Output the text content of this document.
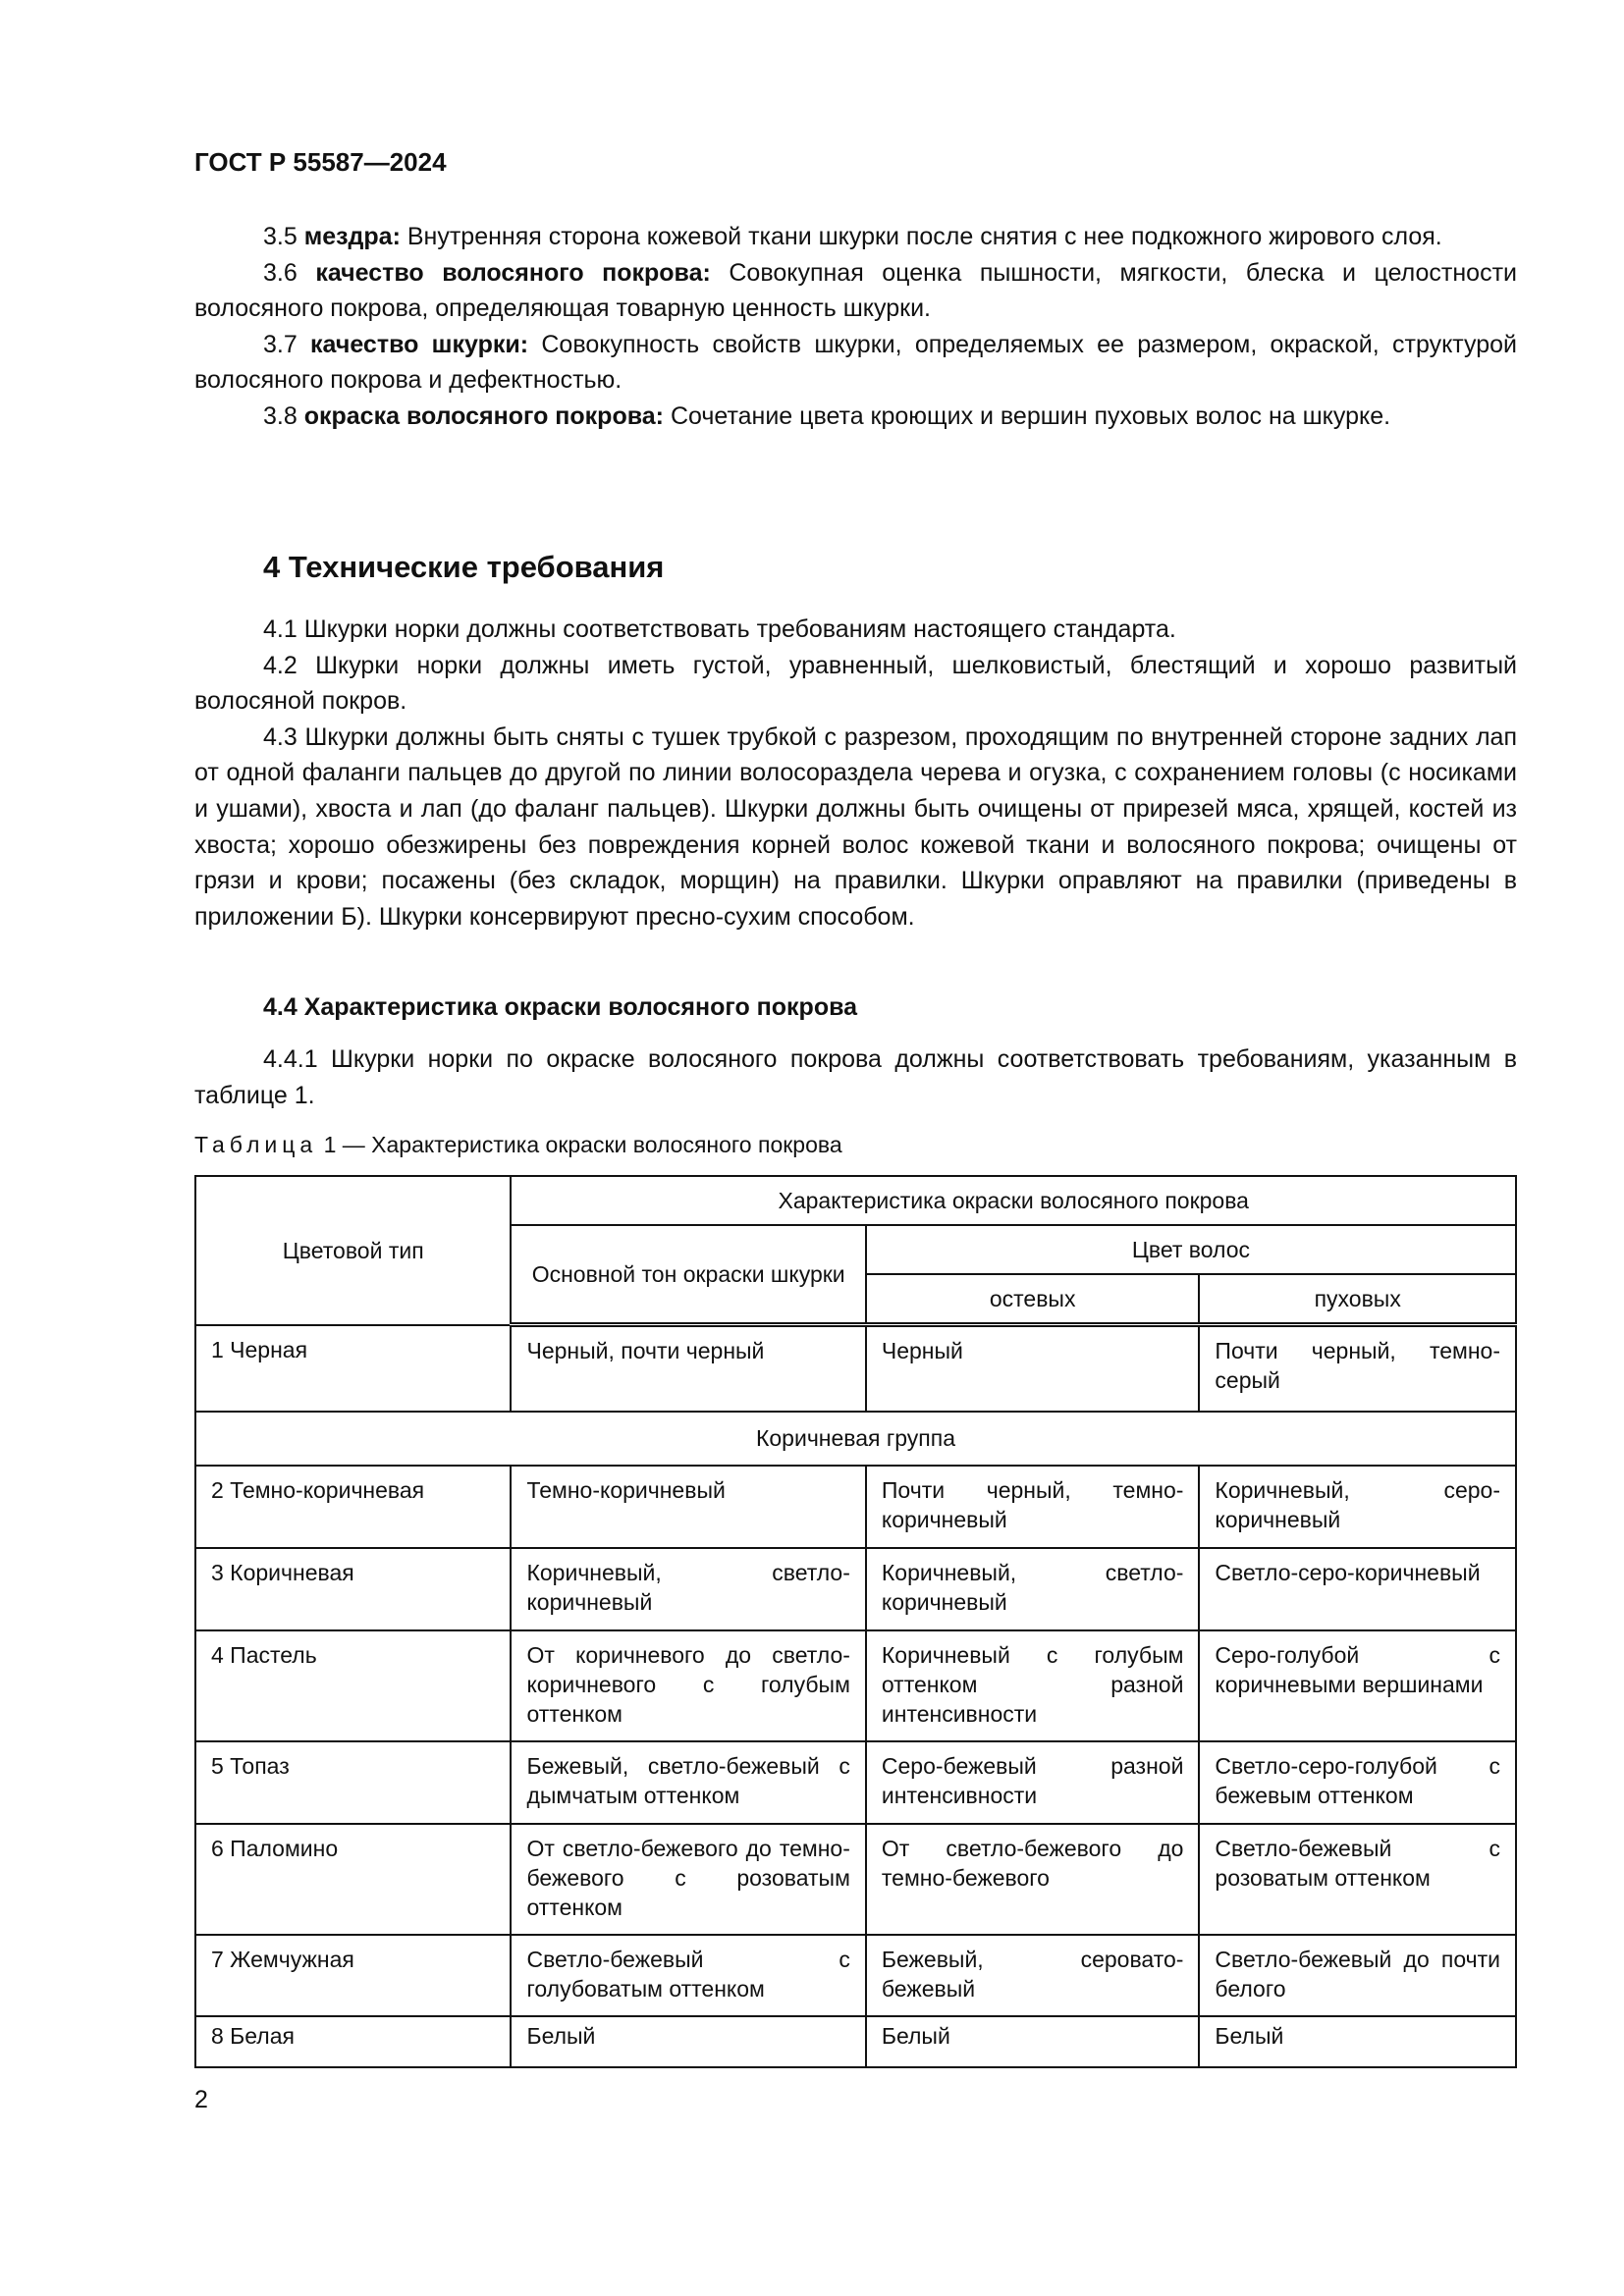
ГОСТ Р 55587—2024

3.5 мездра: Внутренняя сторона кожевой ткани шкурки после снятия с нее подкожного жирового слоя.

3.6 качество волосяного покрова: Совокупная оценка пышности, мягкости, блеска и целостности волосяного покрова, определяющая товарную ценность шкурки.

3.7 качество шкурки: Совокупность свойств шкурки, определяемых ее размером, окраской, структурой волосяного покрова и дефектностью.

3.8 окраска волосяного покрова: Сочетание цвета кроющих и вершин пуховых волос на шкурке.

4 Технические требования

4.1 Шкурки норки должны соответствовать требованиям настоящего стандарта.

4.2 Шкурки норки должны иметь густой, уравненный, шелковистый, блестящий и хорошо развитый волосяной покров.

4.3 Шкурки должны быть сняты с тушек трубкой с разрезом, проходящим по внутренней стороне задних лап от одной фаланги пальцев до другой по линии волосораздела черева и огузка, с сохранением головы (с носиками и ушами), хвоста и лап (до фаланг пальцев). Шкурки должны быть очищены от прирезей мяса, хрящей, костей из хвоста; хорошо обезжирены без повреждения корней волос кожевой ткани и волосяного покрова; очищены от грязи и крови; посажены (без складок, морщин) на правилки. Шкурки оправляют на правилки (приведены в приложении Б). Шкурки консервируют пресно-сухим способом.

4.4 Характеристика окраски волосяного покрова

4.4.1 Шкурки норки по окраске волосяного покрова должны соответствовать требованиям, указанным в таблице 1.

Таблица 1 — Характеристика окраски волосяного покрова
Цветовой тип	Характеристика окраски волосяного покрова		
	Основной тон окраски шкурки	Цвет волос	
		остевых	пуховых
1 Черная	Черный, почти черный	Черный	Почти черный, темно-серый
Коричневая группа			
2 Темно-коричневая	Темно-коричневый	Почти черный, темно-коричневый	Коричневый, серо-коричневый
3 Коричневая	Коричневый, светло-коричневый	Коричневый, светло-коричневый	Светло-серо-коричневый
4 Пастель	От коричневого до светло-коричневого с голубым оттенком	Коричневый с голубым оттенком разной интенсивности	Серо-голубой с коричневыми вершинами
5 Топаз	Бежевый, светло-бежевый с дымчатым оттенком	Серо-бежевый разной интенсивности	Светло-серо-голубой с бежевым оттенком
6 Паломино	От светло-бежевого до темно-бежевого с розоватым оттенком	От светло-бежевого до темно-бежевого	Светло-бежевый с розоватым оттенком
7 Жемчужная	Светло-бежевый с голубоватым оттенком	Бежевый, серовато-бежевый	Светло-бежевый до почти белого
8 Белая	Белый	Белый	Белый
2
